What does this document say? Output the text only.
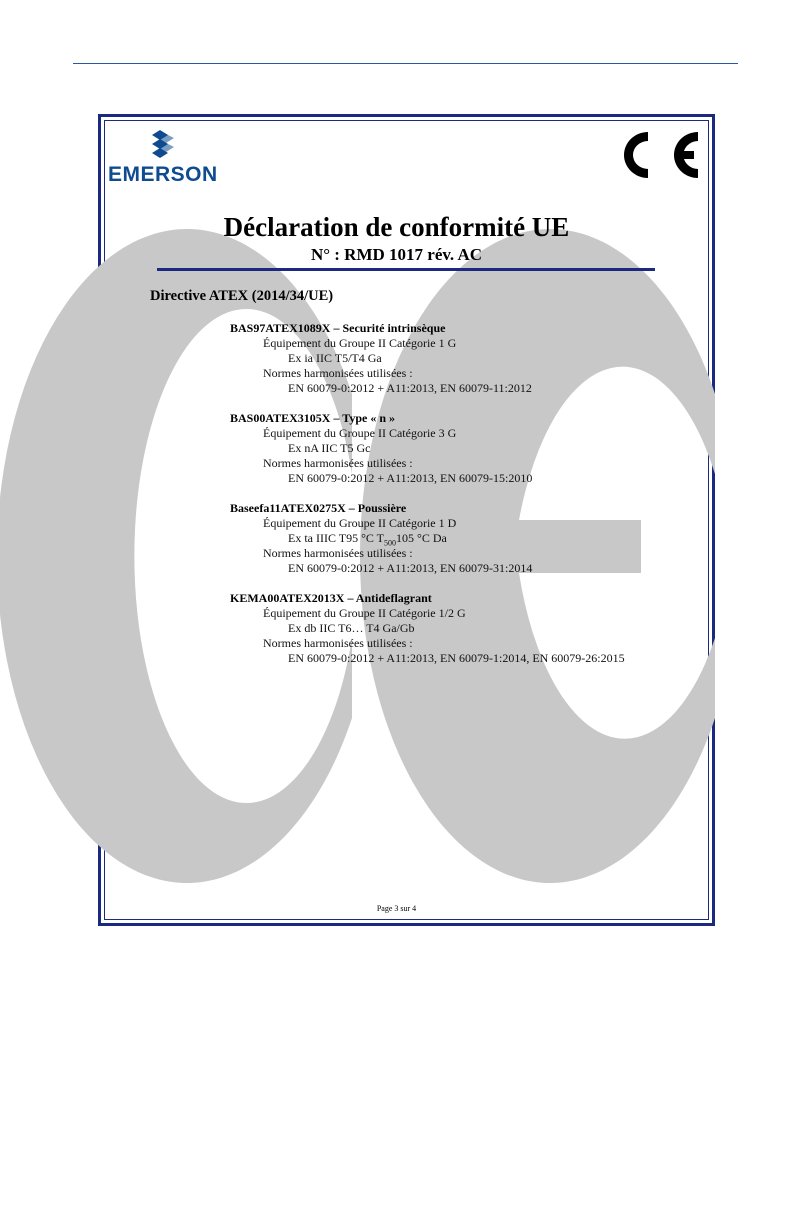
EMERSON
Déclaration de conformité UE
N° : RMD 1017 rév. AC
Directive ATEX (2014/34/UE)
BAS97ATEX1089X – Securité intrinsèque
Équipement du Groupe II Catégorie 1 G
Ex ia IIC T5/T4 Ga
Normes harmonisées utilisées :
EN 60079-0:2012 + A11:2013, EN 60079-11:2012
BAS00ATEX3105X – Type « n »
Équipement du Groupe II Catégorie 3 G
Ex nA IIC T5 Gc
Normes harmonisées utilisées :
EN 60079-0:2012 + A11:2013, EN 60079-15:2010
Baseefa11ATEX0275X – Poussière
Équipement du Groupe II Catégorie 1 D
Ex ta IIIC T95 °C $T_{500}105$ °C Da
Normes harmonisées utilisées :
EN 60079-0:2012 + A11:2013, EN 60079-31:2014
KEMA00ATEX2013X – Antideflagrant
Équipement du Groupe II Catégorie 1/2 G
Ex db IIC T6… T4 Ga/Gb
Normes harmonisées utilisées :
EN 60079-0:2012 + A11:2013, EN 60079-1:2014, EN 60079-26:2015
Page 3 sur 4
